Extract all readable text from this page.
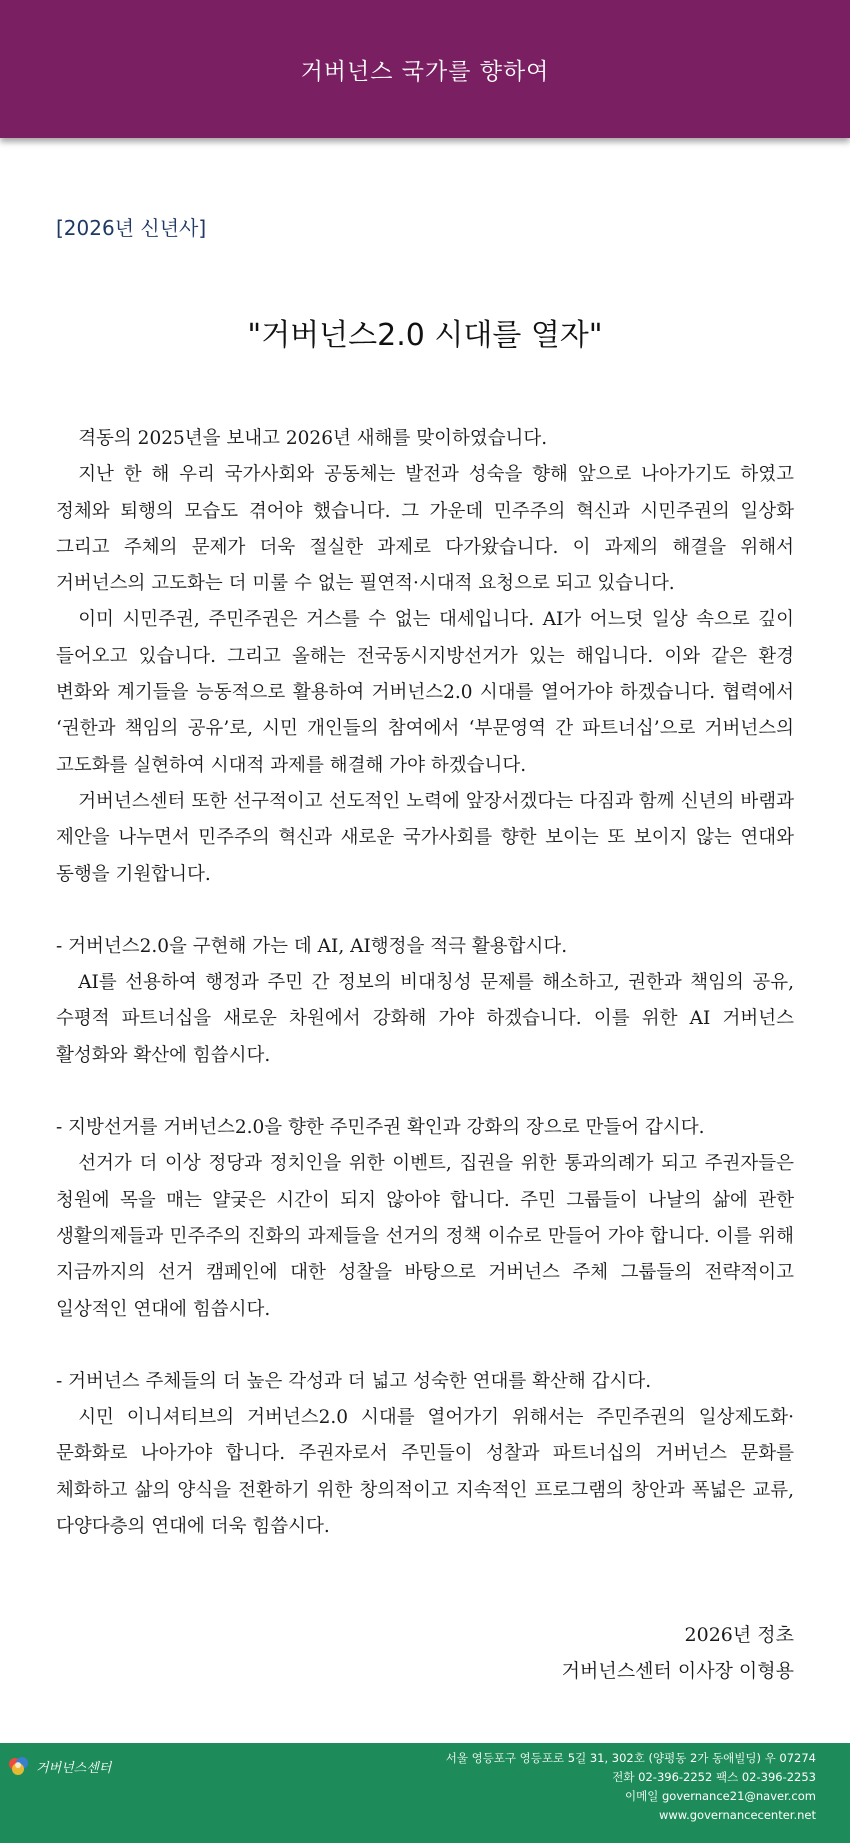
거버넌스 국가를 향하여
[2026년 신년사]
"거버넌스2.0 시대를 열자"

격동의 2025년을 보내고 2026년 새해를 맞이하였습니다.

지난 한 해 우리 국가사회와 공동체는 발전과 성숙을 향해 앞으로 나아가기도 하였고 정체와 퇴행의 모습도 겪어야 했습니다. 그 가운데 민주주의 혁신과 시민주권의 일상화 그리고 주체의 문제가 더욱 절실한 과제로 다가왔습니다. 이 과제의 해결을 위해서 거버넌스의 고도화는 더 미룰 수 없는 필연적·시대적 요청으로 되고 있습니다.

이미 시민주권, 주민주권은 거스를 수 없는 대세입니다. AI가 어느덧 일상 속으로 깊이 들어오고 있습니다. 그리고 올해는 전국동시지방선거가 있는 해입니다. 이와 같은 환경 변화와 계기들을 능동적으로 활용하여 거버넌스2.0 시대를 열어가야 하겠습니다. 협력에서 ‘권한과 책임의 공유’로, 시민 개인들의 참여에서 ‘부문영역 간 파트너십’으로 거버넌스의 고도화를 실현하여 시대적 과제를 해결해 가야 하겠습니다.

거버넌스센터 또한 선구적이고 선도적인 노력에 앞장서겠다는 다짐과 함께 신년의 바램과 제안을 나누면서 민주주의 혁신과 새로운 국가사회를 향한 보이는 또 보이지 않는 연대와 동행을 기원합니다.

- 거버넌스2.0을 구현해 가는 데 AI, AI행정을 적극 활용합시다.

AI를 선용하여 행정과 주민 간 정보의 비대칭성 문제를 해소하고, 권한과 책임의 공유, 수평적 파트너십을 새로운 차원에서 강화해 가야 하겠습니다. 이를 위한 AI 거버넌스 활성화와 확산에 힘씁시다.

- 지방선거를 거버넌스2.0을 향한 주민주권 확인과 강화의 장으로 만들어 갑시다.

선거가 더 이상 정당과 정치인을 위한 이벤트, 집권을 위한 통과의례가 되고 주권자들은 청원에 목을 매는 얄궂은 시간이 되지 않아야 합니다. 주민 그룹들이 나날의 삶에 관한 생활의제들과 민주주의 진화의 과제들을 선거의 정책 이슈로 만들어 가야 합니다. 이를 위해 지금까지의 선거 캠페인에 대한 성찰을 바탕으로 거버넌스 주체 그룹들의 전략적이고 일상적인 연대에 힘씁시다.

- 거버넌스 주체들의 더 높은 각성과 더 넓고 성숙한 연대를 확산해 갑시다.

시민 이니셔티브의 거버넌스2.0 시대를 열어가기 위해서는 주민주권의 일상제도화·문화화로 나아가야 합니다. 주권자로서 주민들이 성찰과 파트너십의 거버넌스 문화를 체화하고 삶의 양식을 전환하기 위한 창의적이고 지속적인 프로그램의 창안과 폭넓은 교류, 다양다층의 연대에 더욱 힘씁시다.

2026년 정초
거버넌스센터 이사장 이형용
거버넌스센터
서울 영등포구 영등포로 5길 31, 302호 (양평동 2가 동애빌딩) 우 07274
전화 02-396-2252 팩스 02-396-2253
이메일 governance21@naver.com
www.governancecenter.net
